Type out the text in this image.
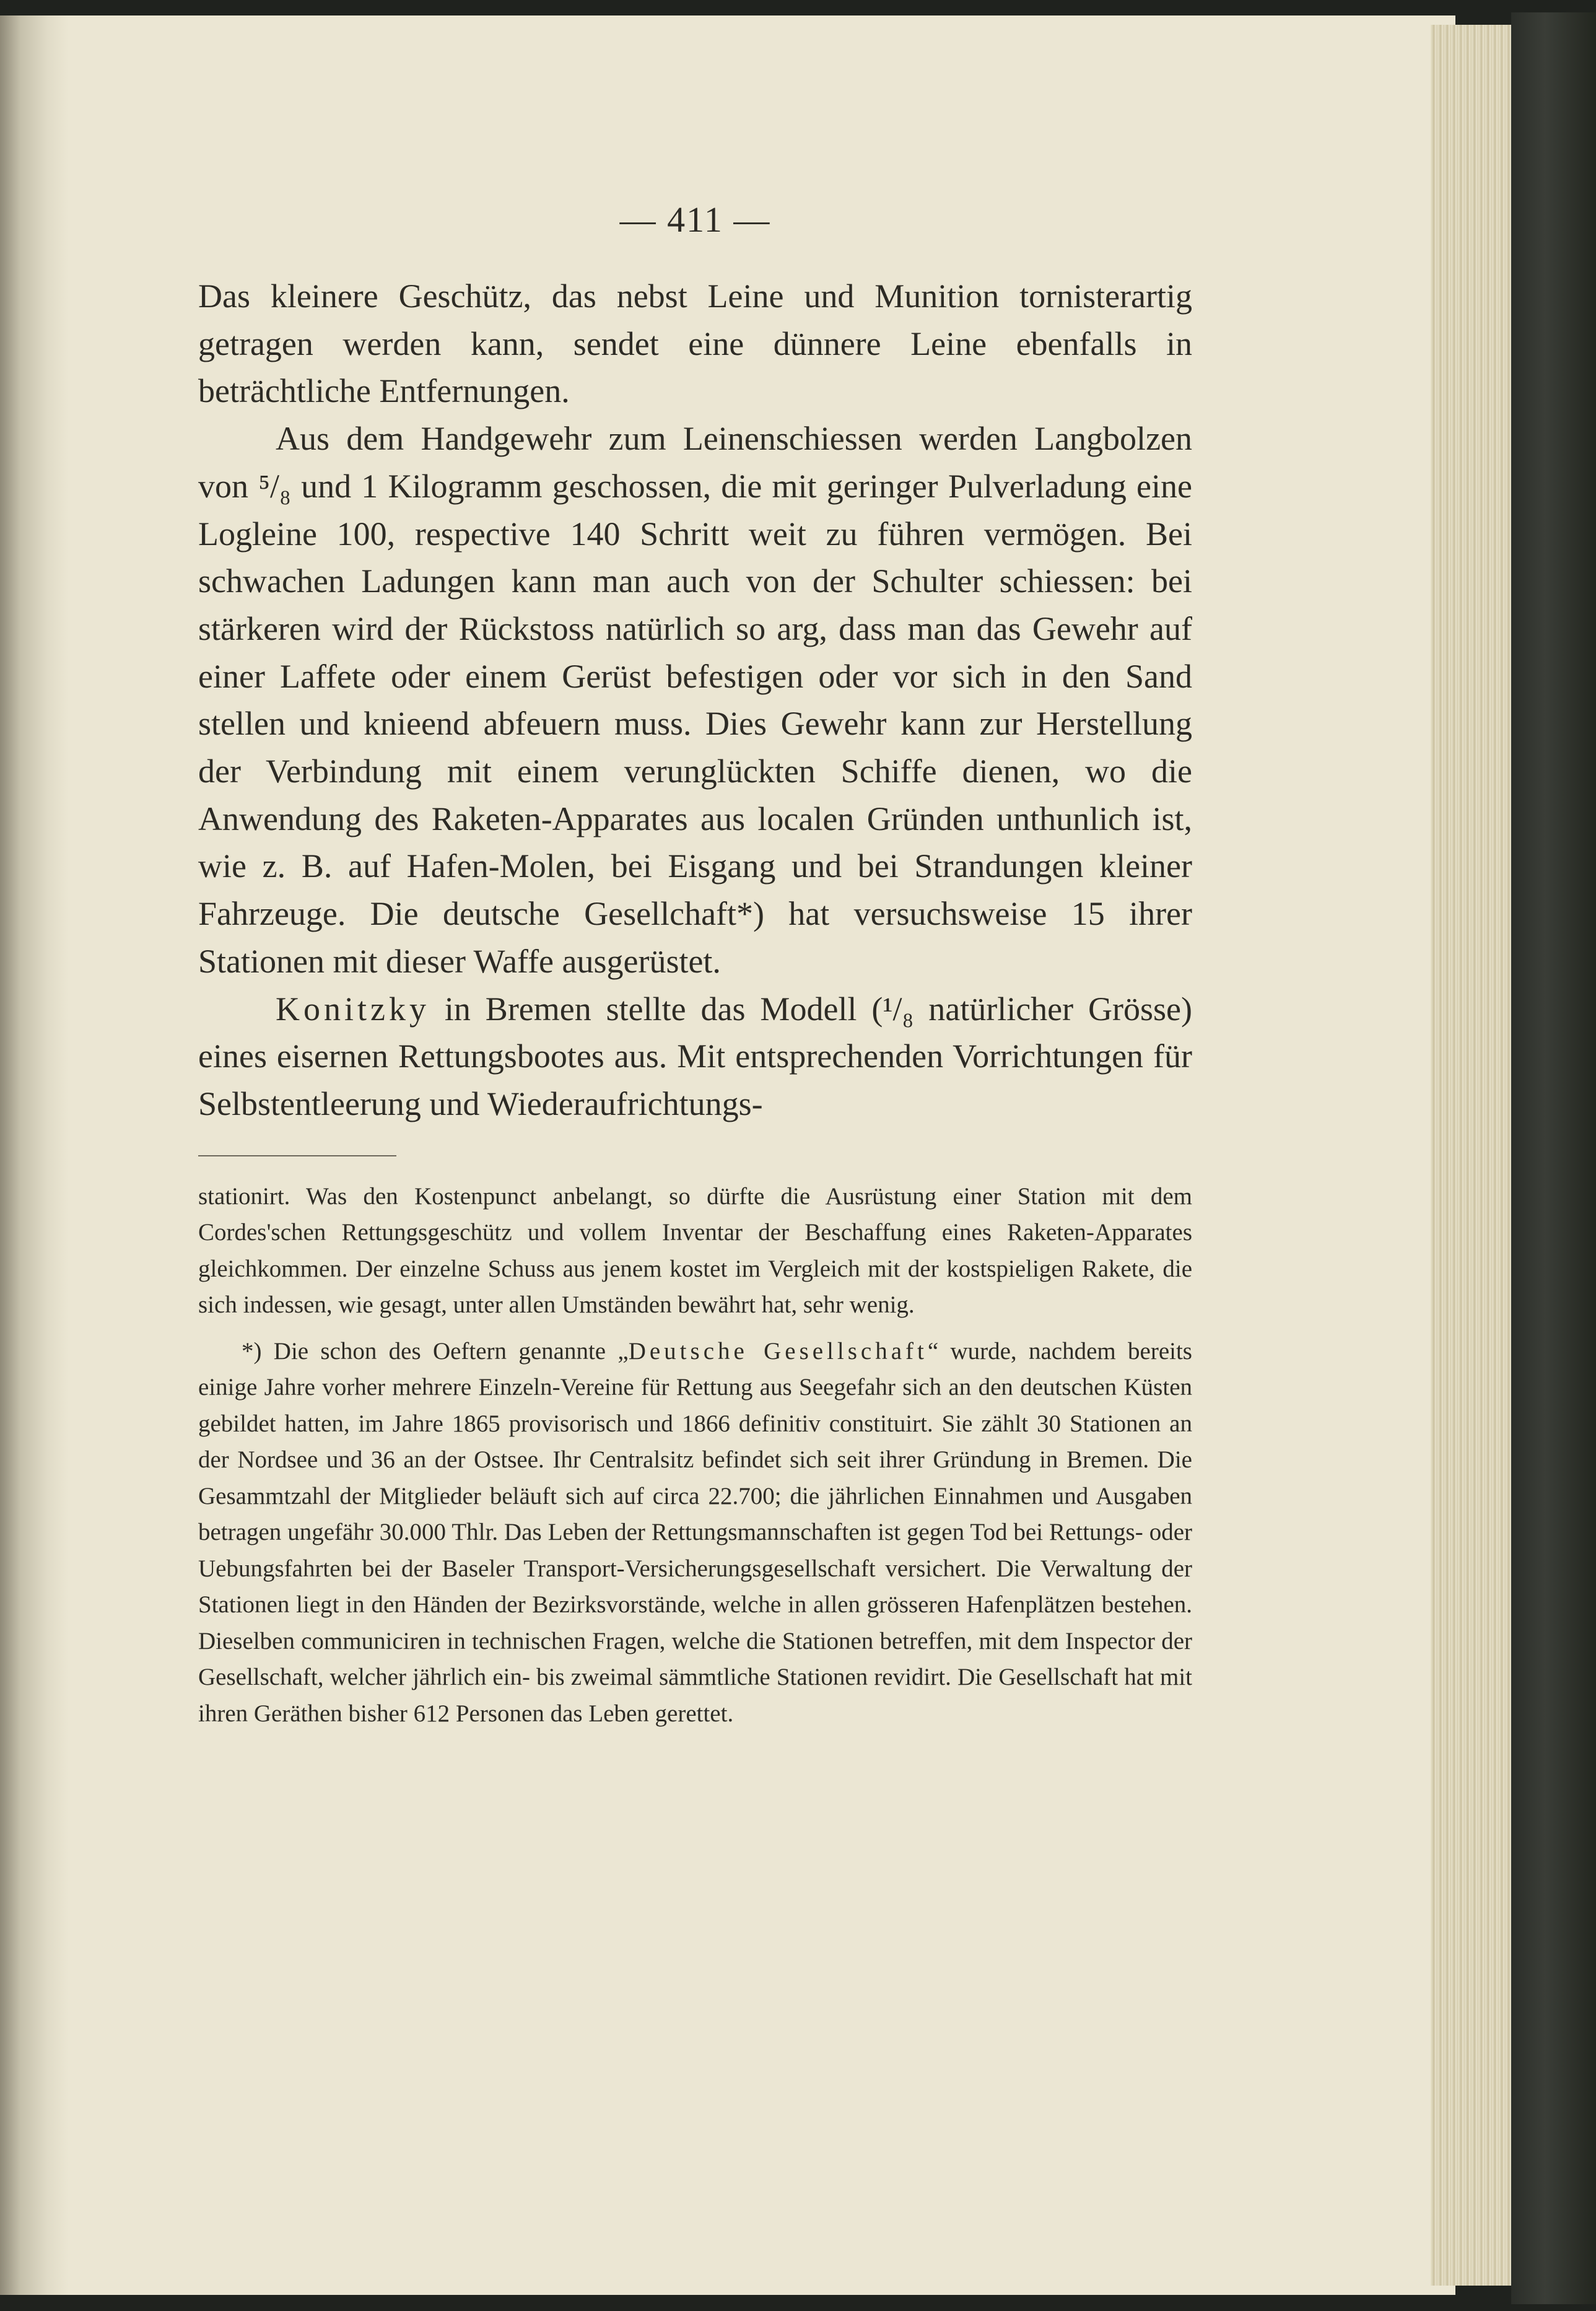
— 411 —

Das kleinere Geschütz, das nebst Leine und Munition tornisterartig getragen werden kann, sendet eine dünnere Leine ebenfalls in beträchtliche Entfernungen.

Aus dem Handgewehr zum Leinenschiessen werden Langbolzen von ⁵/₈ und 1 Kilogramm geschossen, die mit geringer Pulverladung eine Logleine 100, respective 140 Schritt weit zu führen vermögen. Bei schwachen Ladungen kann man auch von der Schulter schiessen: bei stärkeren wird der Rückstoss natürlich so arg, dass man das Gewehr auf einer Laffete oder einem Gerüst befestigen oder vor sich in den Sand stellen und knieend abfeuern muss. Dies Gewehr kann zur Herstellung der Verbindung mit einem verunglückten Schiffe dienen, wo die Anwendung des Raketen-Apparates aus localen Gründen unthunlich ist, wie z. B. auf Hafen-Molen, bei Eisgang und bei Strandungen kleiner Fahrzeuge. Die deutsche Gesellchaft*) hat versuchsweise 15 ihrer Stationen mit dieser Waffe ausgerüstet.

Konitzky in Bremen stellte das Modell (¹/₈ natürlicher Grösse) eines eisernen Rettungsbootes aus. Mit entsprechenden Vorrichtungen für Selbstentleerung und Wiederaufrichtungs-

stationirt. Was den Kostenpunct anbelangt, so dürfte die Ausrüstung einer Station mit dem Cordes'schen Rettungsgeschütz und vollem Inventar der Beschaffung eines Raketen-Apparates gleichkommen. Der einzelne Schuss aus jenem kostet im Vergleich mit der kostspieligen Rakete, die sich indessen, wie gesagt, unter allen Umständen bewährt hat, sehr wenig.

*) Die schon des Oeftern genannte „Deutsche Gesellschaft“ wurde, nachdem bereits einige Jahre vorher mehrere Einzeln-Vereine für Rettung aus Seegefahr sich an den deutschen Küsten gebildet hatten, im Jahre 1865 provisorisch und 1866 definitiv constituirt. Sie zählt 30 Stationen an der Nordsee und 36 an der Ostsee. Ihr Centralsitz befindet sich seit ihrer Gründung in Bremen. Die Gesammtzahl der Mitglieder beläuft sich auf circa 22.700; die jährlichen Einnahmen und Ausgaben betragen ungefähr 30.000 Thlr. Das Leben der Rettungsmannschaften ist gegen Tod bei Rettungs- oder Uebungsfahrten bei der Baseler Transport-Versicherungsgesellschaft versichert. Die Verwaltung der Stationen liegt in den Händen der Bezirksvorstände, welche in allen grösseren Hafenplätzen bestehen. Dieselben communiciren in technischen Fragen, welche die Stationen betreffen, mit dem Inspector der Gesellschaft, welcher jährlich ein- bis zweimal sämmtliche Stationen revidirt. Die Gesellschaft hat mit ihren Geräthen bisher 612 Personen das Leben gerettet.
